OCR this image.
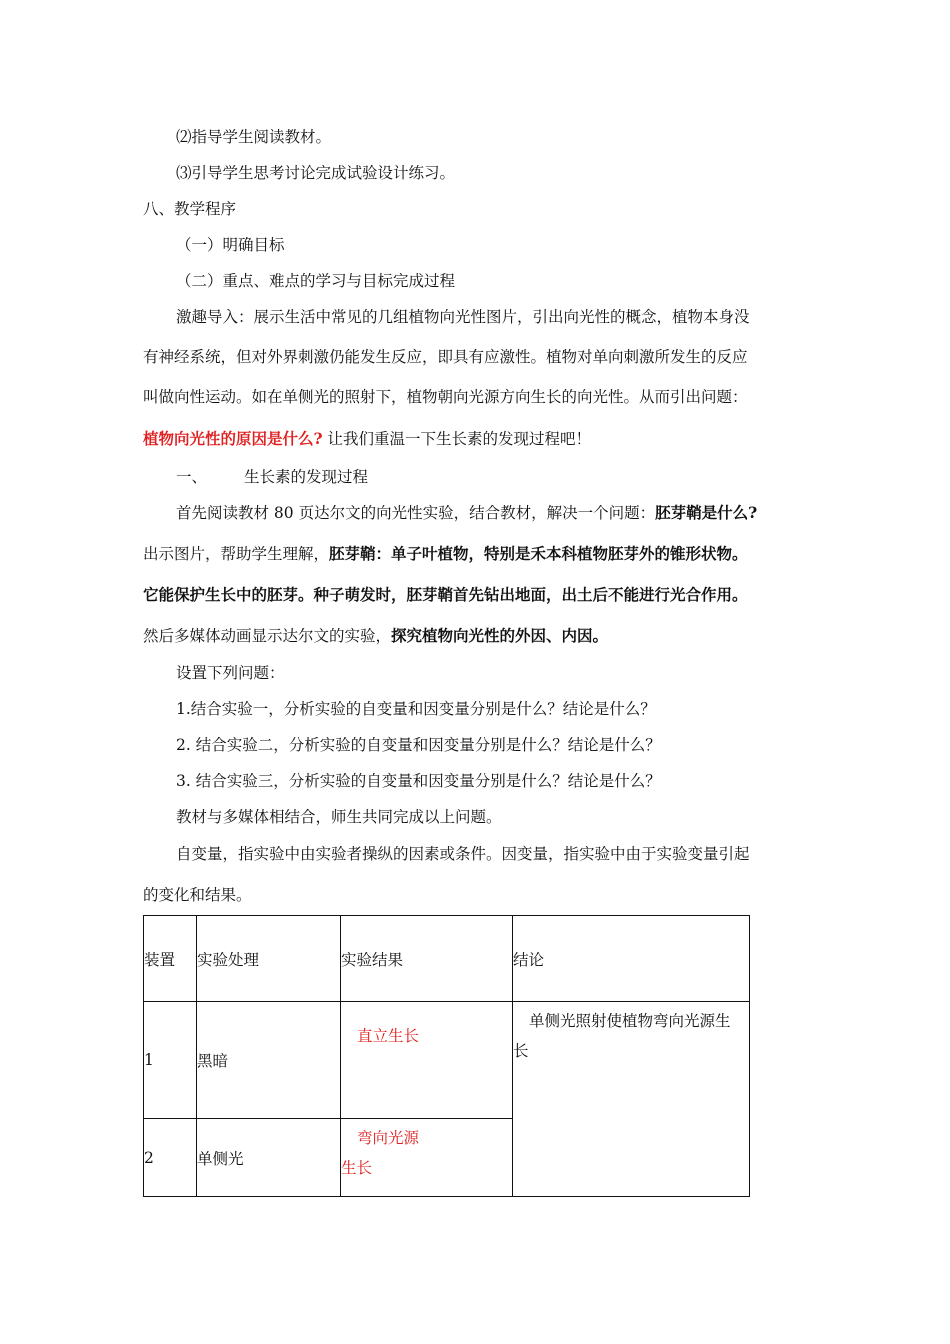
⑵指导学生阅读教材。
⑶引导学生思考讨论完成试验设计练习。
八、教学程序
（一）明确目标
（二）重点、难点的学习与目标完成过程
激趣导入：展示生活中常见的几组植物向光性图片，引出向光性的概念，植物本身没
有神经系统，但对外界刺激仍能发生反应，即具有应激性。植物对单向刺激所发生的反应
叫做向性运动。如在单侧光的照射下，植物朝向光源方向生长的向光性。从而引出问题：
植物向光性的原因是什么? 让我们重温一下生长素的发现过程吧！
一、 生长素的发现过程
首先阅读教材 80 页达尔文的向光性实验，结合教材，解决一个问题：胚芽鞘是什么?
出示图片，帮助学生理解，胚芽鞘：单子叶植物，特别是禾本科植物胚芽外的锥形状物。
它能保护生长中的胚芽。种子萌发时，胚芽鞘首先钻出地面，出土后不能进行光合作用。
然后多媒体动画显示达尔文的实验，探究植物向光性的外因、内因。
设置下列问题：
1.结合实验一，分析实验的自变量和因变量分别是什么？结论是什么？
2. 结合实验二，分析实验的自变量和因变量分别是什么？结论是什么？
3. 结合实验三，分析实验的自变量和因变量分别是什么？结论是什么？
教材与多媒体相结合，师生共同完成以上问题。
自变量，指实验中由实验者操纵的因素或条件。因变量，指实验中由于实验变量引起
的变化和结果。
装置	实验处理	实验结果	结论
1	黑暗	直立生长	单侧光照射使植物弯向光源生
长

2	单侧光	弯向光源
生长	
